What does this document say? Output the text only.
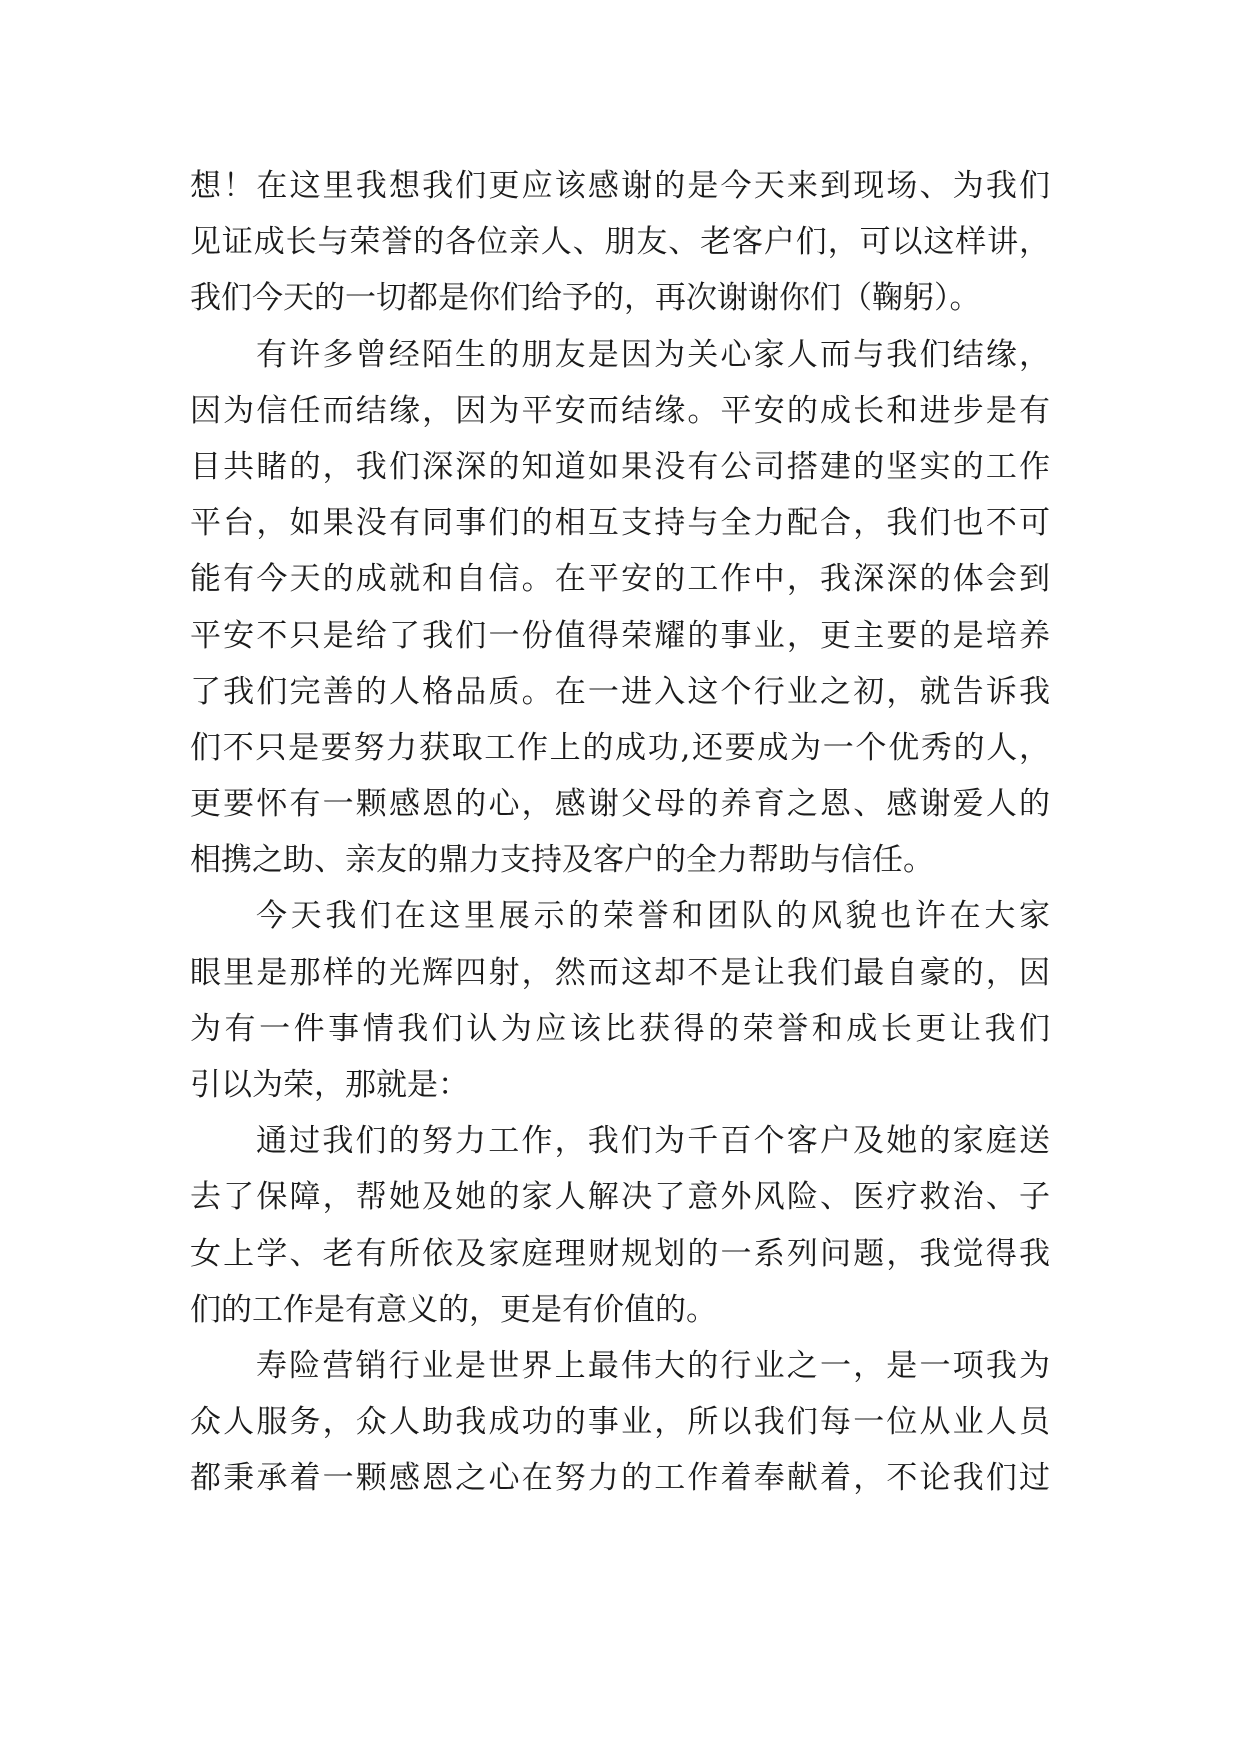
想！在这里我想我们更应该感谢的是今天来到现场、为我们
见证成长与荣誉的各位亲人、朋友、老客户们，可以这样讲，
我们今天的一切都是你们给予的，再次谢谢你们（鞠躬）。
有许多曾经陌生的朋友是因为关心家人而与我们结缘，
因为信任而结缘，因为平安而结缘。平安的成长和进步是有
目共睹的，我们深深的知道如果没有公司搭建的坚实的工作
平台，如果没有同事们的相互支持与全力配合，我们也不可
能有今天的成就和自信。在平安的工作中，我深深的体会到
平安不只是给了我们一份值得荣耀的事业，更主要的是培养
了我们完善的人格品质。在一进入这个行业之初，就告诉我
们不只是要努力获取工作上的成功,还要成为一个优秀的人，
更要怀有一颗感恩的心，感谢父母的养育之恩、感谢爱人的
相携之助、亲友的鼎力支持及客户的全力帮助与信任。
今天我们在这里展示的荣誉和团队的风貌也许在大家
眼里是那样的光辉四射，然而这却不是让我们最自豪的，因
为有一件事情我们认为应该比获得的荣誉和成长更让我们
引以为荣，那就是：
通过我们的努力工作，我们为千百个客户及她的家庭送
去了保障，帮她及她的家人解决了意外风险、医疗救治、子
女上学、老有所依及家庭理财规划的一系列问题，我觉得我
们的工作是有意义的，更是有价值的。
寿险营销行业是世界上最伟大的行业之一，是一项我为
众人服务，众人助我成功的事业，所以我们每一位从业人员
都秉承着一颗感恩之心在努力的工作着奉献着，不论我们过
